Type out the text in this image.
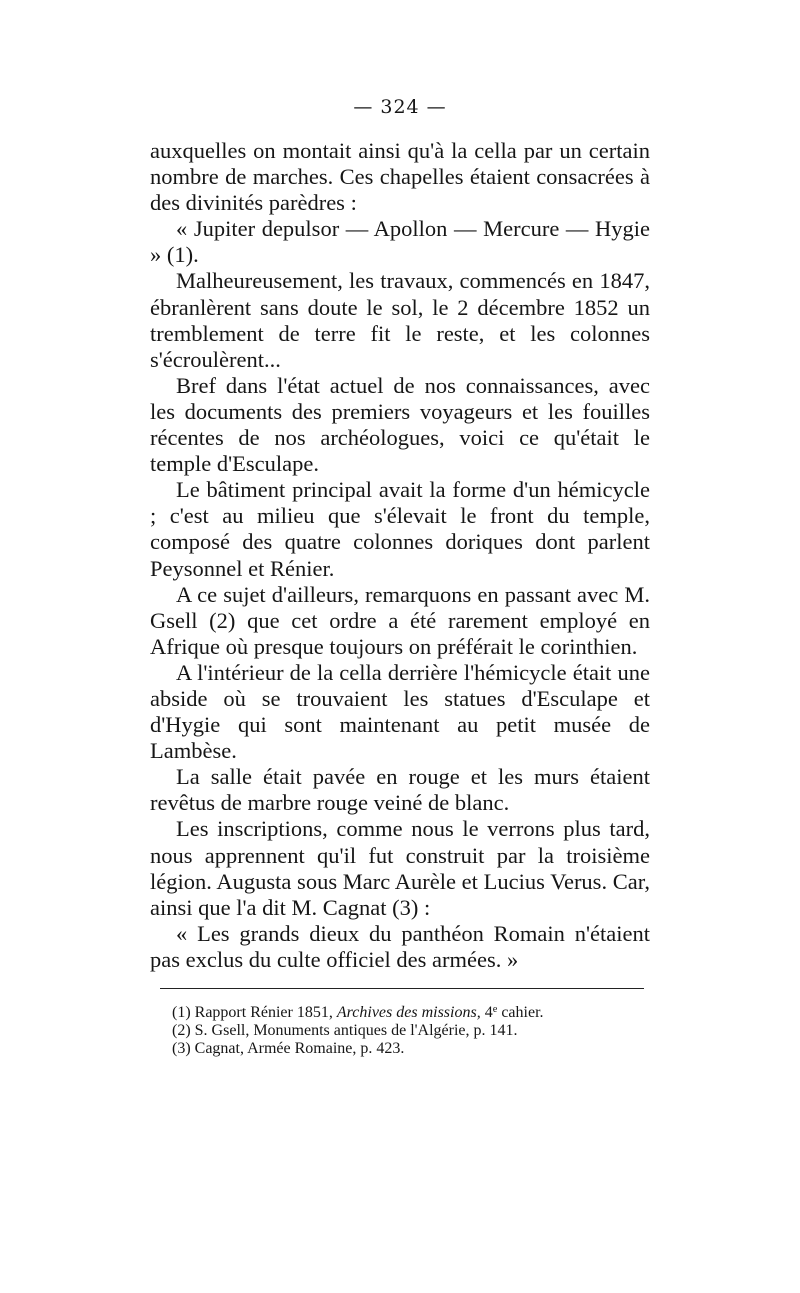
— 324 —

auxquelles on montait ainsi qu'à la cella par un certain nombre de marches. Ces chapelles étaient consacrées à des divinités parèdres :

« Jupiter depulsor — Apollon — Mercure — Hygie » (1).

Malheureusement, les travaux, commencés en 1847, ébranlèrent sans doute le sol, le 2 décembre 1852 un tremblement de terre fit le reste, et les colonnes s'écroulèrent...

Bref dans l'état actuel de nos connaissances, avec les documents des premiers voyageurs et les fouilles récentes de nos archéologues, voici ce qu'était le temple d'Esculape.

Le bâtiment principal avait la forme d'un hémicycle ; c'est au milieu que s'élevait le front du temple, composé des quatre colonnes doriques dont parlent Peysonnel et Rénier.

A ce sujet d'ailleurs, remarquons en passant avec M. Gsell (2) que cet ordre a été rarement employé en Afrique où presque toujours on préférait le corinthien.

A l'intérieur de la cella derrière l'hémicycle était une abside où se trouvaient les statues d'Esculape et d'Hygie qui sont maintenant au petit musée de Lambèse.

La salle était pavée en rouge et les murs étaient revêtus de marbre rouge veiné de blanc.

Les inscriptions, comme nous le verrons plus tard, nous apprennent qu'il fut construit par la troisième légion. Augusta sous Marc Aurèle et Lucius Verus. Car, ainsi que l'a dit M. Cagnat (3) :

« Les grands dieux du panthéon Romain n'étaient pas exclus du culte officiel des armées. »

(1) Rapport Rénier 1851, Archives des missions, 4e cahier.

(2) S. Gsell, Monuments antiques de l'Algérie, p. 141.

(3) Cagnat, Armée Romaine, p. 423.
